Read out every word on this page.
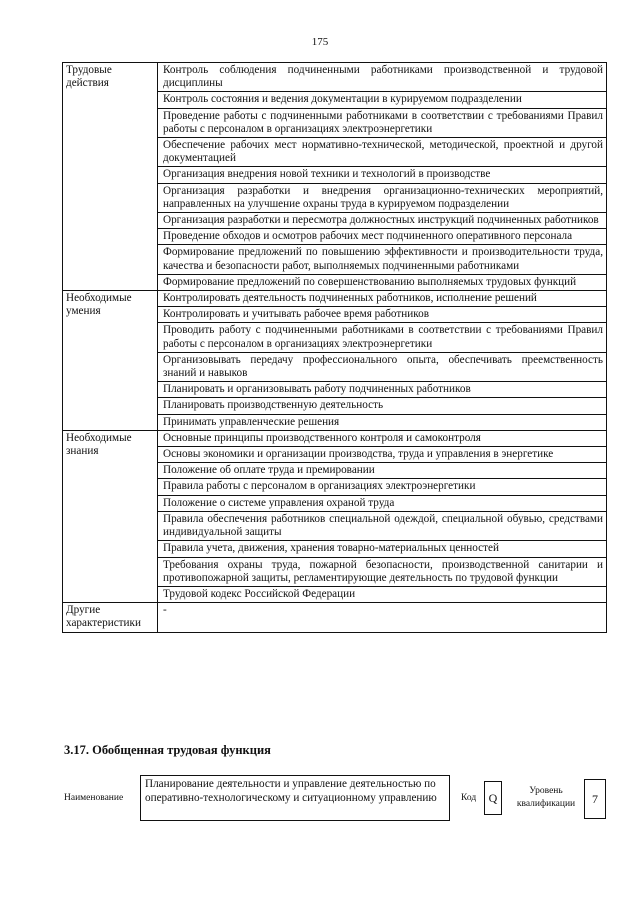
175
Трудовые действия	Контроль соблюдения подчиненными работниками производственной и трудовой дисциплины
	Контроль состояния и ведения документации в курируемом подразделении
	Проведение работы с подчиненными работниками в соответствии с требованиями Правил работы с персоналом в организациях электроэнергетики
	Обеспечение рабочих мест нормативно-технической, методической, проектной и другой документацией
	Организация внедрения новой техники и технологий в производстве
	Организация разработки и внедрения организационно-технических мероприятий, направленных на улучшение охраны труда в курируемом подразделении
	Организация разработки и пересмотра должностных инструкций подчиненных работников
	Проведение обходов и осмотров рабочих мест подчиненного оперативного персонала
	Формирование предложений по повышению эффективности и производительности труда, качества и безопасности работ, выполняемых подчиненными работниками
	Формирование предложений по совершенствованию выполняемых трудовых функций
Необходимые умения	Контролировать деятельность подчиненных работников, исполнение решений
	Контролировать и учитывать рабочее время работников
	Проводить работу с подчиненными работниками в соответствии с требованиями Правил работы с персоналом в организациях электроэнергетики
	Организовывать передачу профессионального опыта, обеспечивать преемственность знаний и навыков
	Планировать и организовывать работу подчиненных работников
	Планировать производственную деятельность
	Принимать управленческие решения
Необходимые знания	Основные принципы производственного контроля и самоконтроля
	Основы экономики и организации производства, труда и управления в энергетике
	Положение об оплате труда и премировании
	Правила работы с персоналом в организациях электроэнергетики
	Положение о системе управления охраной труда
	Правила обеспечения работников специальной одеждой, специальной обувью, средствами индивидуальной защиты
	Правила учета, движения, хранения товарно-материальных ценностей
	Требования охраны труда, пожарной безопасности, производственной санитарии и противопожарной защиты, регламентирующие деятельность по трудовой функции
	Трудовой кодекс Российской Федерации
Другие характеристики	-
3.17. Обобщенная трудовая функция
Наименование
Планирование деятельности и управление деятельностью по оперативно-технологическому и ситуационному управлению	Код	Q	Уровень квалификации	7
